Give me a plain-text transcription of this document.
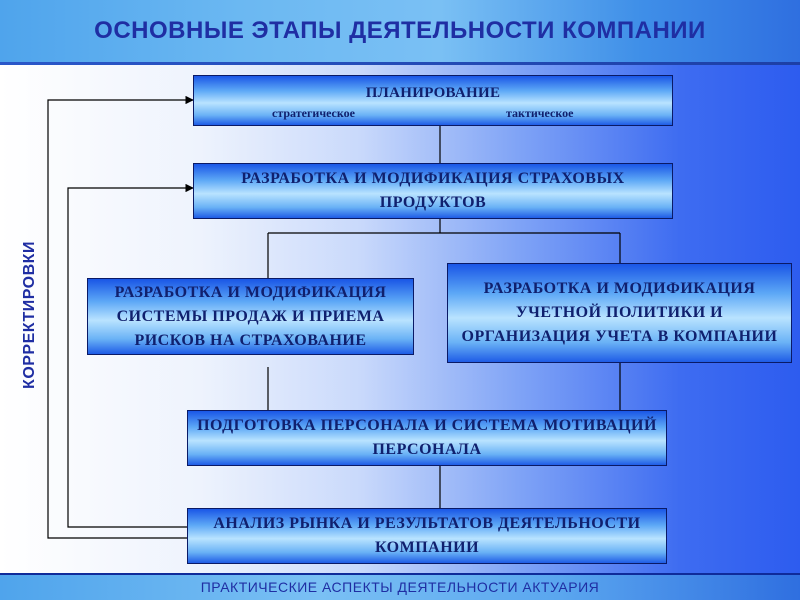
ОСНОВНЫЕ ЭТАПЫ ДЕЯТЕЛЬНОСТИ КОМПАНИИ
ПЛАНИРОВАНИЕ
стратегическое	тактическое
РАЗРАБОТКА И МОДИФИКАЦИЯ СТРАХОВЫХ ПРОДУКТОВ
РАЗРАБОТКА И МОДИФИКАЦИЯ СИСТЕМЫ ПРОДАЖ И ПРИЕМА РИСКОВ НА СТРАХОВАНИЕ
РАЗРАБОТКА И МОДИФИКАЦИЯ УЧЕТНОЙ ПОЛИТИКИ И ОРГАНИЗАЦИЯ УЧЕТА В КОМПАНИИ
ПОДГОТОВКА ПЕРСОНАЛА И СИСТЕМА МОТИВАЦИЙ ПЕРСОНАЛА
АНАЛИЗ РЫНКА И РЕЗУЛЬТАТОВ ДЕЯТЕЛЬНОСТИ КОМПАНИИ
КОРРЕКТИРОВКИ
ПРАКТИЧЕСКИЕ АСПЕКТЫ ДЕЯТЕЛЬНОСТИ АКТУАРИЯ
